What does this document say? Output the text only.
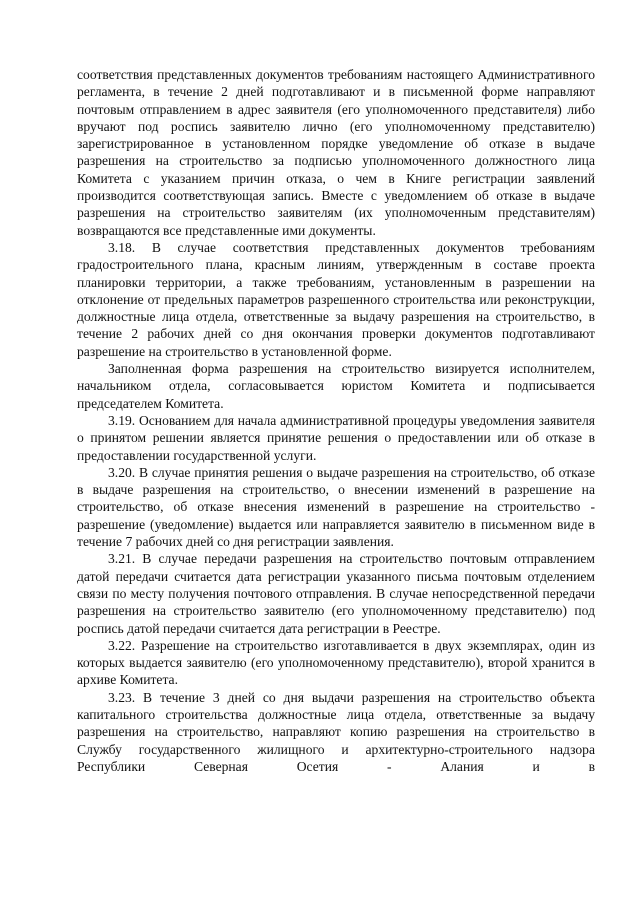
соответствия представленных документов требованиям настоящего Административного регламента, в течение 2 дней подготавливают и в письменной форме направляют почтовым отправлением в адрес заявителя (его уполномоченного представителя) либо вручают под роспись заявителю лично (его уполномоченному представителю) зарегистрированное в установленном порядке уведомление об отказе в выдаче разрешения на строительство за подписью уполномоченного должностного лица Комитета с указанием причин отказа, о чем в Книге регистрации заявлений производится соответствующая запись. Вместе с уведомлением об отказе в выдаче разрешения на строительство заявителям (их уполномоченным представителям) возвращаются все представленные ими документы.

3.18. В случае соответствия представленных документов требованиям градостроительного плана, красным линиям, утвержденным в составе проекта планировки территории, а также требованиям, установленным в разрешении на отклонение от предельных параметров разрешенного строительства или реконструкции, должностные лица отдела, ответственные за выдачу разрешения на строительство, в течение 2 рабочих дней со дня окончания проверки документов подготавливают разрешение на строительство в установленной форме.

Заполненная форма разрешения на строительство визируется исполнителем, начальником отдела, согласовывается юристом Комитета и подписывается председателем Комитета.

3.19. Основанием для начала административной процедуры уведомления заявителя о принятом решении является принятие решения о предоставлении или об отказе в предоставлении государственной услуги.

3.20. В случае принятия решения о выдаче разрешения на строительство, об отказе в выдаче разрешения на строительство, о внесении изменений в разрешение на строительство, об отказе внесения изменений в разрешение на строительство - разрешение (уведомление) выдается или направляется заявителю в письменном виде в течение 7 рабочих дней со дня регистрации заявления.

3.21. В случае передачи разрешения на строительство почтовым отправлением датой передачи считается дата регистрации указанного письма почтовым отделением связи по месту получения почтового отправления. В случае непосредственной передачи разрешения на строительство заявителю (его уполномоченному представителю) под роспись датой передачи считается дата регистрации в Реестре.

3.22. Разрешение на строительство изготавливается в двух экземплярах, один из которых выдается заявителю (его уполномоченному представителю), второй хранится в архиве Комитета.

3.23. В течение 3 дней со дня выдачи разрешения на строительство объекта капитального строительства должностные лица отдела, ответственные за выдачу разрешения на строительство, направляют копию разрешения на строительство в Службу государственного жилищного и архитектурно-строительного надзора Республики Северная Осетия - Алания и в
